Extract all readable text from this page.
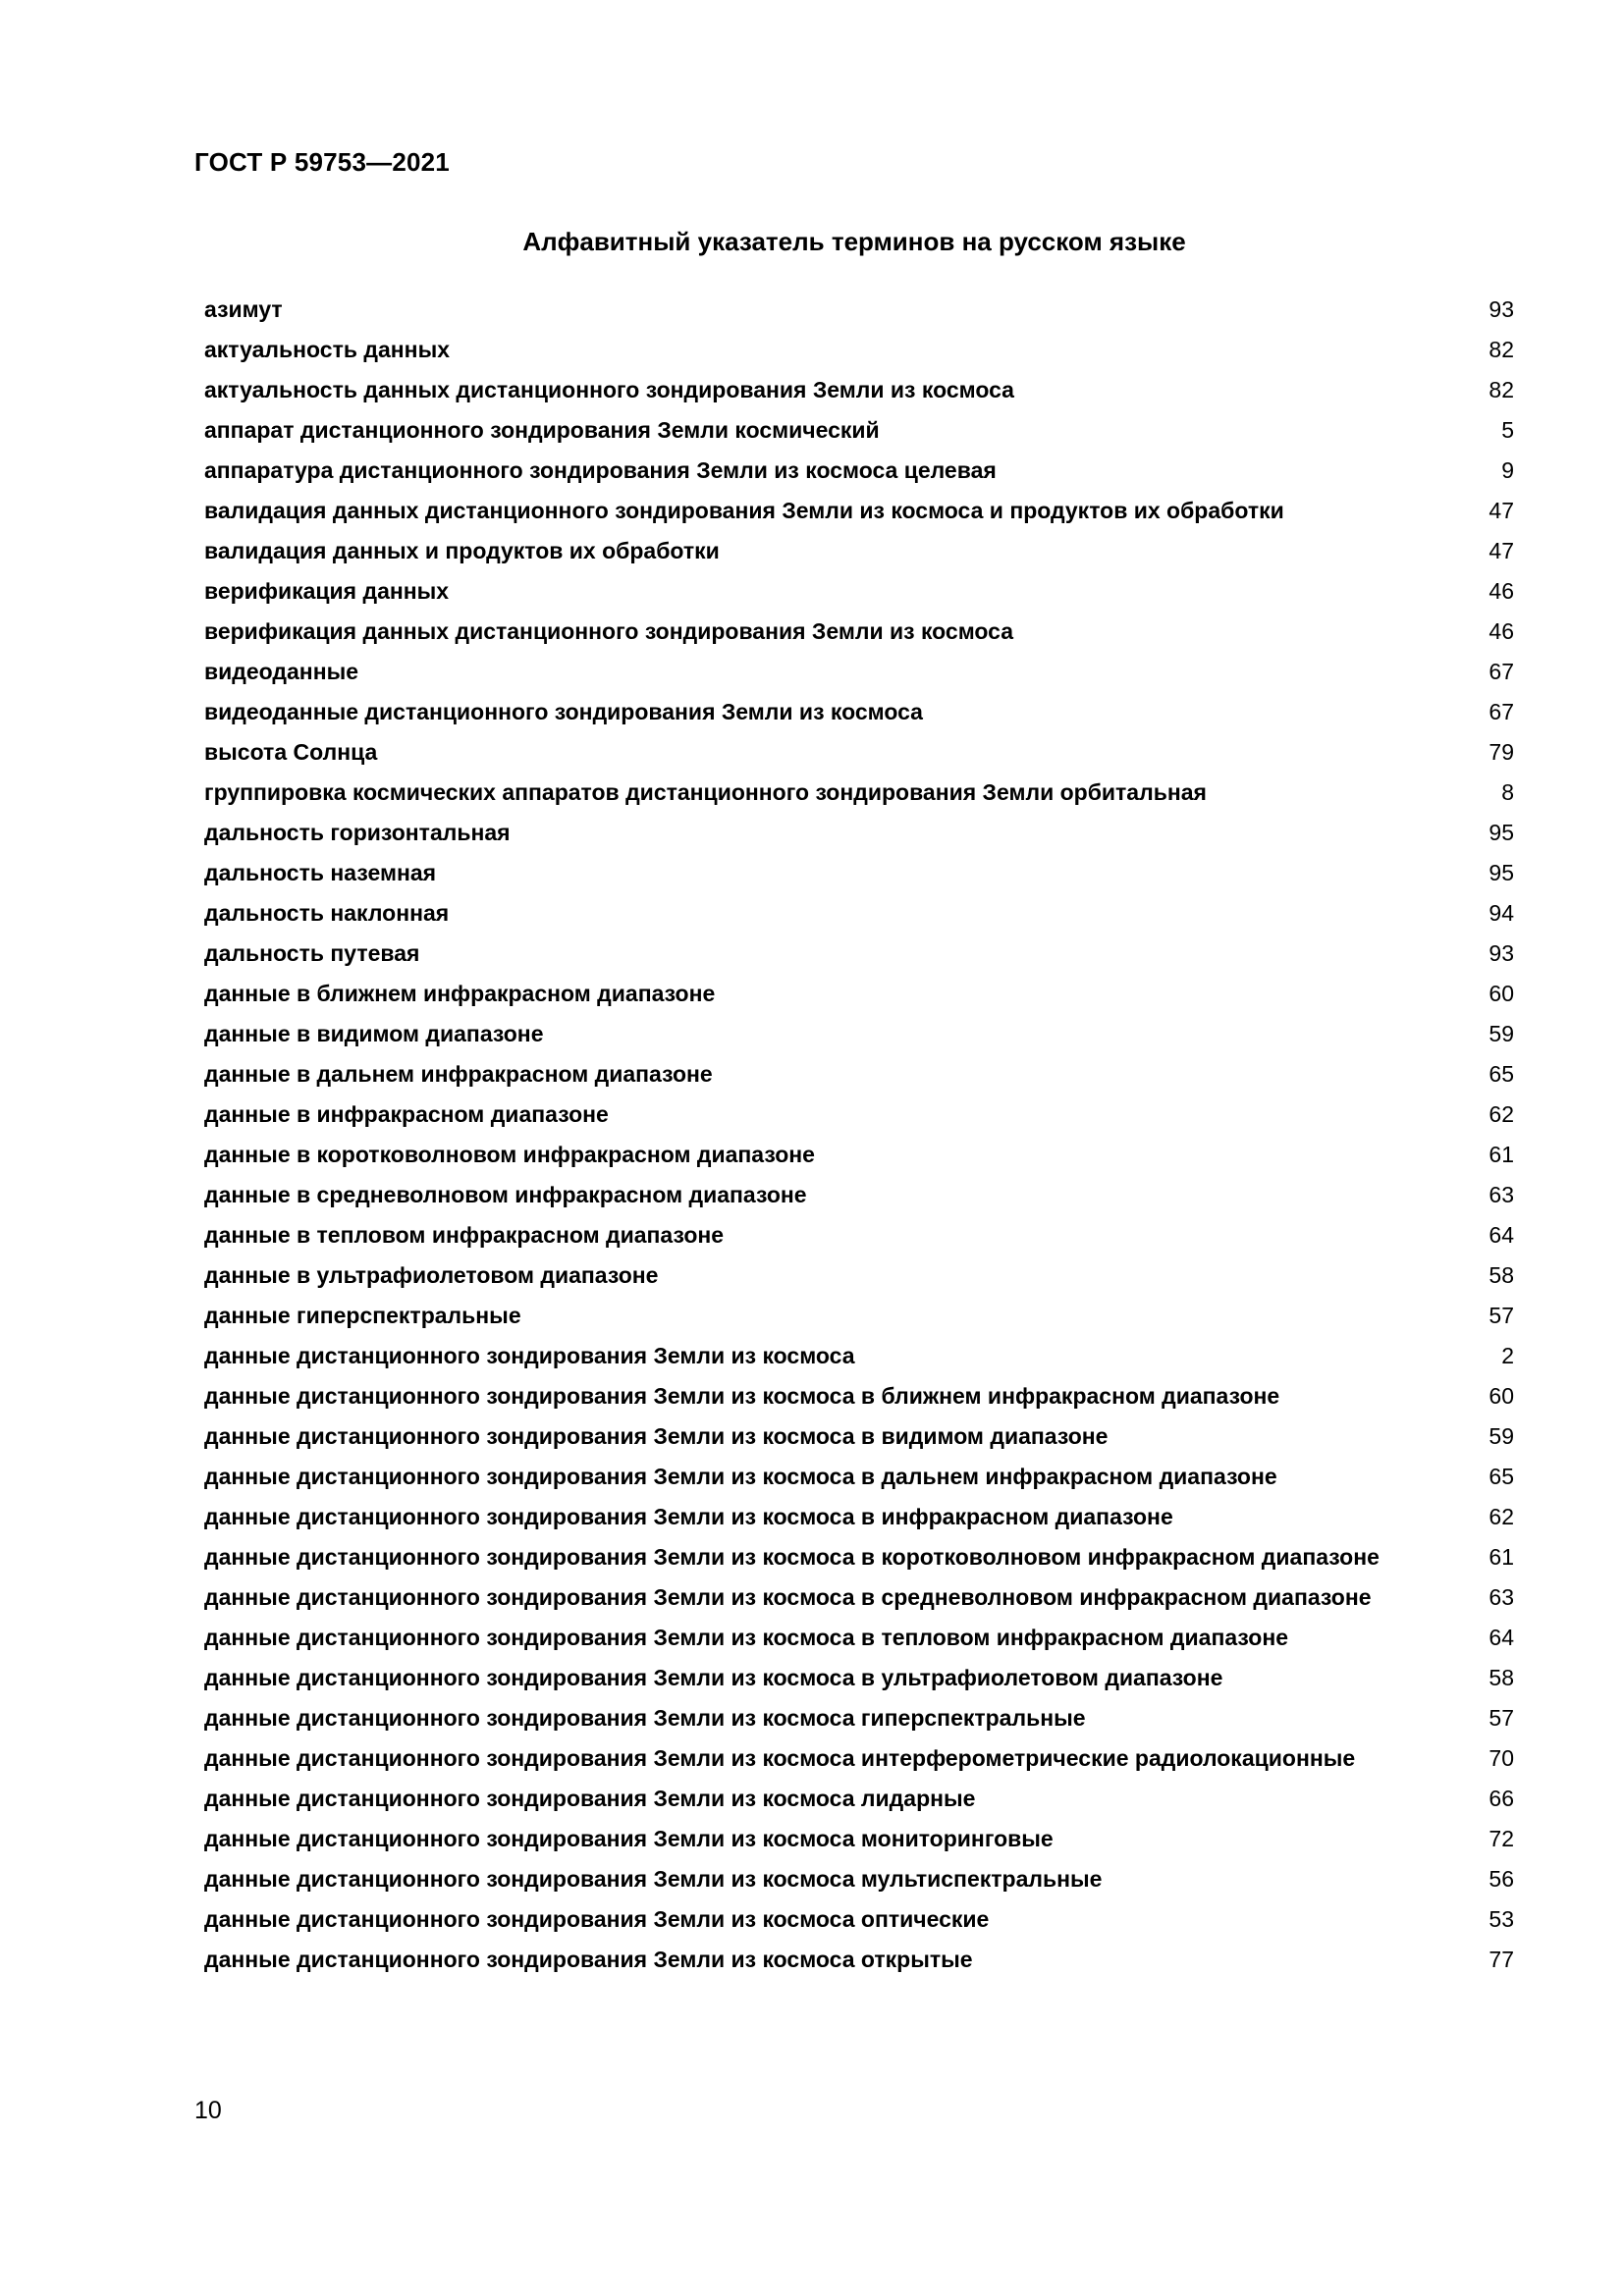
ГОСТ Р 59753—2021
Алфавитный указатель терминов на русском языке
азимут	93
актуальность данных	82
актуальность данных дистанционного зондирования Земли из космоса	82
аппарат дистанционного зондирования Земли космический	5
аппаратура дистанционного зондирования Земли из космоса целевая	9
валидация данных дистанционного зондирования Земли из космоса и продуктов их обработки	47
валидация данных и продуктов их обработки	47
верификация данных	46
верификация данных дистанционного зондирования Земли из космоса	46
видеоданные	67
видеоданные дистанционного зондирования Земли из космоса	67
высота Солнца	79
группировка космических аппаратов дистанционного зондирования Земли орбитальная	8
дальность горизонтальная	95
дальность наземная	95
дальность наклонная	94
дальность путевая	93
данные в ближнем инфракрасном диапазоне	60
данные в видимом диапазоне	59
данные в дальнем инфракрасном диапазоне	65
данные в инфракрасном диапазоне	62
данные в коротковолновом инфракрасном диапазоне	61
данные в средневолновом инфракрасном диапазоне	63
данные в тепловом инфракрасном диапазоне	64
данные в ультрафиолетовом диапазоне	58
данные гиперспектральные	57
данные дистанционного зондирования Земли из космоса	2
данные дистанционного зондирования Земли из космоса в ближнем инфракрасном диапазоне	60
данные дистанционного зондирования Земли из космоса в видимом диапазоне	59
данные дистанционного зондирования Земли из космоса в дальнем инфракрасном диапазоне	65
данные дистанционного зондирования Земли из космоса в инфракрасном диапазоне	62
данные дистанционного зондирования Земли из космоса в коротковолновом инфракрасном диапазоне	61
данные дистанционного зондирования Земли из космоса в средневолновом инфракрасном диапазоне	63
данные дистанционного зондирования Земли из космоса в тепловом инфракрасном диапазоне	64
данные дистанционного зондирования Земли из космоса в ультрафиолетовом диапазоне	58
данные дистанционного зондирования Земли из космоса гиперспектральные	57
данные дистанционного зондирования Земли из космоса интерферометрические радиолокационные	70
данные дистанционного зондирования Земли из космоса лидарные	66
данные дистанционного зондирования Земли из космоса мониторинговые	72
данные дистанционного зондирования Земли из космоса мультиспектральные	56
данные дистанционного зондирования Земли из космоса оптические	53
данные дистанционного зондирования Земли из космоса открытые	77
10
